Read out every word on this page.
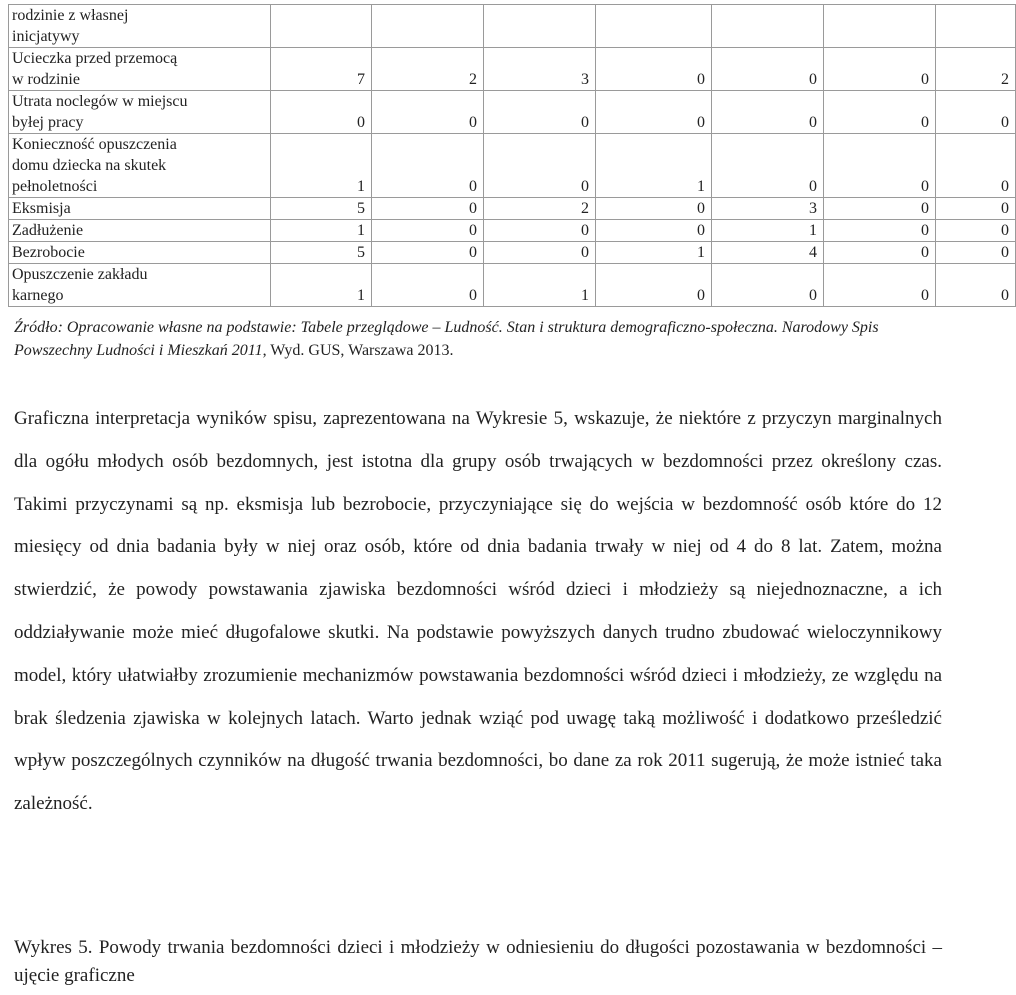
rodzinie z własnej
inicjatywy							

Ucieczka przed przemocą
w rodzinie	7	2	3	0	0	0	2

Utrata noclegów w miejscu
byłej pracy	0	0	0	0	0	0	0

Konieczność opuszczenia
domu dziecka na skutek
pełnoletności	1	0	0	1	0	0	0

Eksmisja	5	0	2	0	3	0	0

Zadłużenie	1	0	0	0	1	0	0

Bezrobocie	5	0	0	1	4	0	0

Opuszczenie zakładu
karnego	1	0	1	0	0	0	0

Źródło: Opracowanie własne na podstawie: Tabele przeglądowe – Ludność. Stan i struktura demograficzno-społeczna. Narodowy Spis Powszechny Ludności i Mieszkań 2011, Wyd. GUS, Warszawa 2013.

Graficzna interpretacja wyników spisu, zaprezentowana na Wykresie 5, wskazuje, że niektóre z przyczyn marginalnych dla ogółu młodych osób bezdomnych, jest istotna dla grupy osób trwających w bezdomności przez określony czas. Takimi przyczynami są np. eksmisja lub bezrobocie, przyczyniające się do wejścia w bezdomność osób które do 12 miesięcy od dnia badania były w niej oraz osób, które od dnia badania trwały w niej od 4 do 8 lat. Zatem, można stwierdzić, że powody powstawania zjawiska bezdomności wśród dzieci i młodzieży są niejednoznaczne, a ich oddziaływanie może mieć długofalowe skutki. Na podstawie powyższych danych trudno zbudować wieloczynnikowy model, który ułatwiałby zrozumienie mechanizmów powstawania bezdomności wśród dzieci i młodzieży, ze względu na brak śledzenia zjawiska w kolejnych latach. Warto jednak wziąć pod uwagę taką możliwość i dodatkowo prześledzić wpływ poszczególnych czynników na długość trwania bezdomności, bo dane za rok 2011 sugerują, że może istnieć taka zależność.

Wykres 5. Powody trwania bezdomności dzieci i młodzieży w odniesieniu do długości pozostawania w bezdomności – ujęcie graficzne
